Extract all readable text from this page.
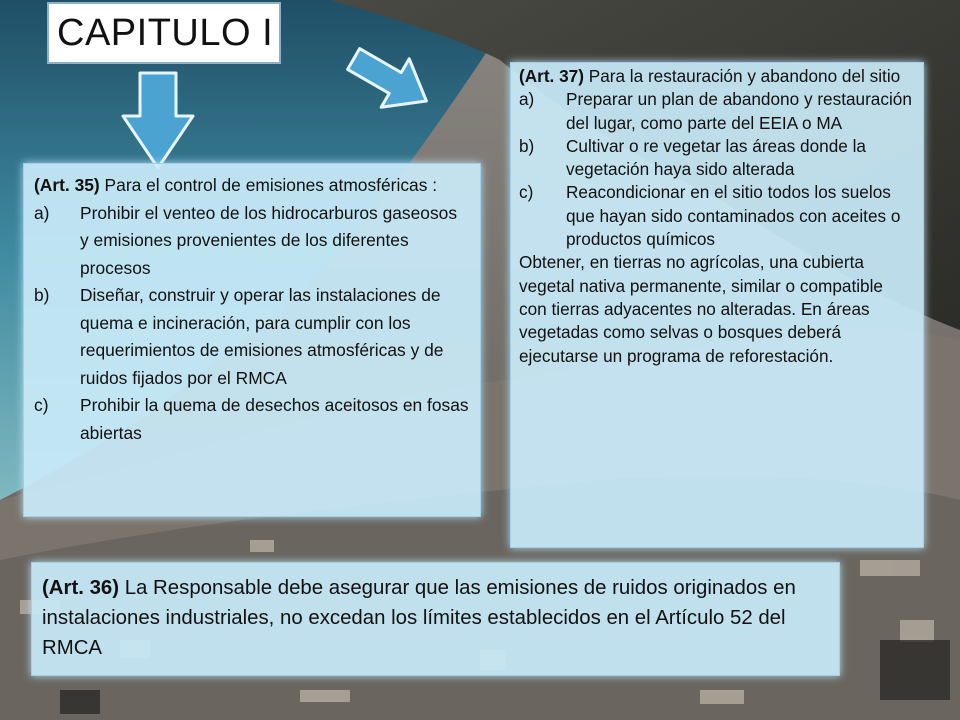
CAPITULO I
(Art. 35) Para el control de emisiones atmosféricas :
a)	Prohibir el venteo de los hidrocarburos gaseosos y emisiones provenientes de los diferentes procesos
b)	Diseñar, construir y operar las instalaciones de quema e incineración, para cumplir con los requerimientos de emisiones atmosféricas y de ruidos fijados por el RMCA
c)	Prohibir la quema de desechos aceitosos en fosas abiertas
(Art. 37) Para la restauración y abandono del sitio
a)	Preparar un plan de abandono y restauración del lugar, como parte del EEIA o MA
b)	Cultivar o re vegetar las áreas donde la vegetación haya sido alterada
c)	Reacondicionar en el sitio todos los suelos que hayan sido contaminados con aceites o productos químicos
Obtener, en tierras no agrícolas, una cubierta vegetal nativa permanente, similar o compatible con tierras adyacentes no alteradas. En áreas vegetadas como selvas o bosques deberá ejecutarse un programa de reforestación.
(Art. 36) La Responsable debe asegurar que las emisiones de ruidos originados en instalaciones industriales, no excedan los límites establecidos en el Artículo 52 del RMCA
